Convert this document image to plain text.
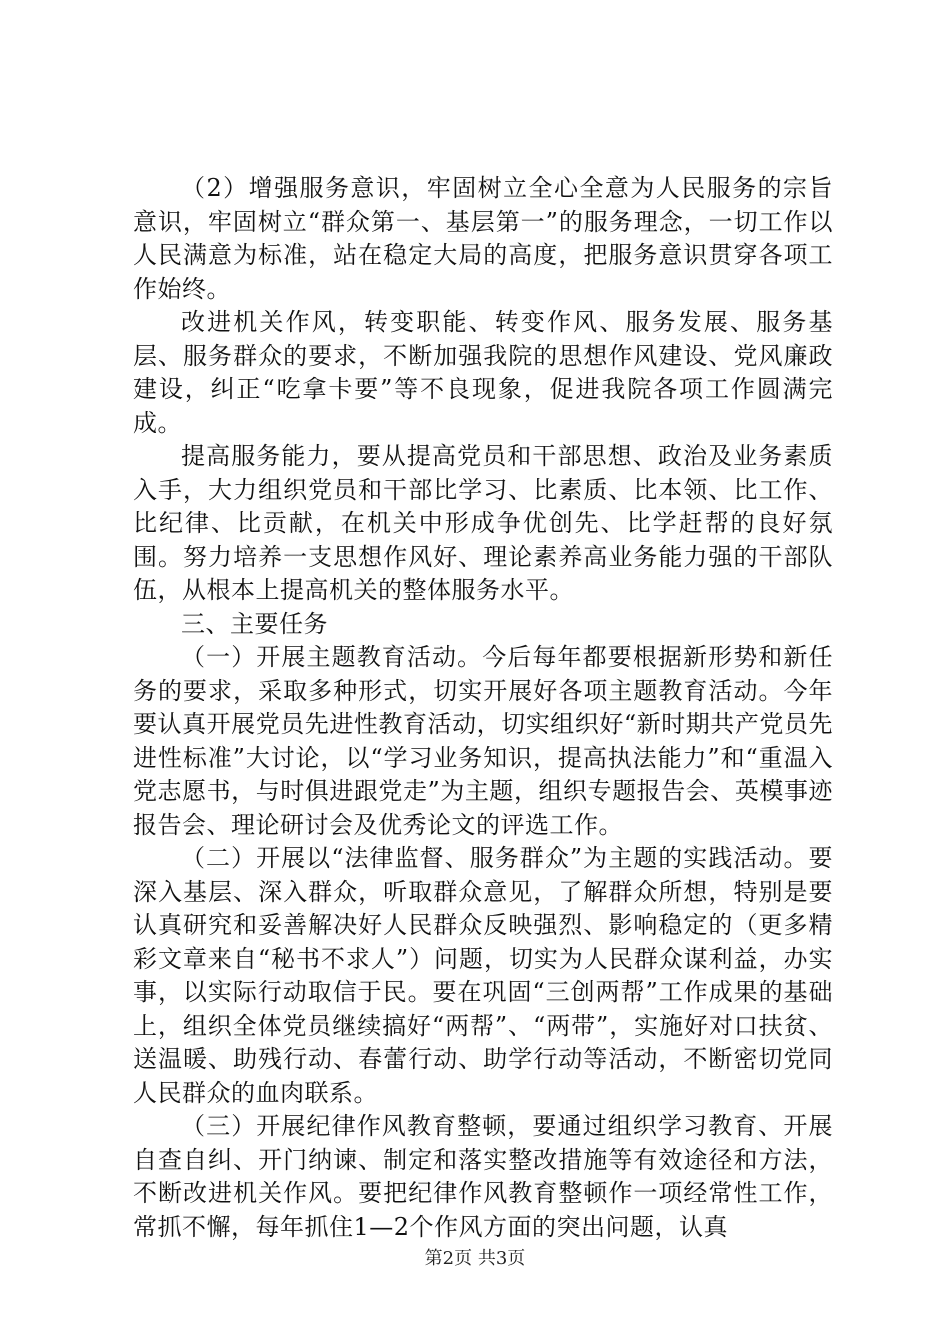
（2）增强服务意识，牢固树立全心全意为人民服务的宗旨意识，牢固树立“群众第一、基层第一”的服务理念，一切工作以人民满意为标准，站在稳定大局的高度，把服务意识贯穿各项工作始终。

改进机关作风，转变职能、转变作风、服务发展、服务基层、服务群众的要求，不断加强我院的思想作风建设、党风廉政建设，纠正“吃拿卡要”等不良现象，促进我院各项工作圆满完成。

提高服务能力，要从提高党员和干部思想、政治及业务素质入手，大力组织党员和干部比学习、比素质、比本领、比工作、比纪律、比贡献，在机关中形成争优创先、比学赶帮的良好氛围。努力培养一支思想作风好、理论素养高业务能力强的干部队伍，从根本上提高机关的整体服务水平。

三、主要任务

（一）开展主题教育活动。今后每年都要根据新形势和新任务的要求，采取多种形式，切实开展好各项主题教育活动。今年要认真开展党员先进性教育活动，切实组织好“新时期共产党员先进性标准”大讨论，以“学习业务知识，提高执法能力”和“重温入党志愿书，与时俱进跟党走”为主题，组织专题报告会、英模事迹报告会、理论研讨会及优秀论文的评选工作。

（二）开展以“法律监督、服务群众”为主题的实践活动。要深入基层、深入群众，听取群众意见，了解群众所想，特别是要认真研究和妥善解决好人民群众反映强烈、影响稳定的（更多精彩文章来自“秘书不求人”）问题，切实为人民群众谋利益，办实事，以实际行动取信于民。要在巩固“三创两帮”工作成果的基础上，组织全体党员继续搞好“两帮”、“两带”，实施好对口扶贫、送温暖、助残行动、春蕾行动、助学行动等活动，不断密切党同人民群众的血肉联系。

（三）开展纪律作风教育整顿，要通过组织学习教育、开展自查自纠、开门纳谏、制定和落实整改措施等有效途径和方法，不断改进机关作风。要把纪律作风教育整顿作一项经常性工作，常抓不懈，每年抓住1—2个作风方面的突出问题，认真

第2页 共3页
